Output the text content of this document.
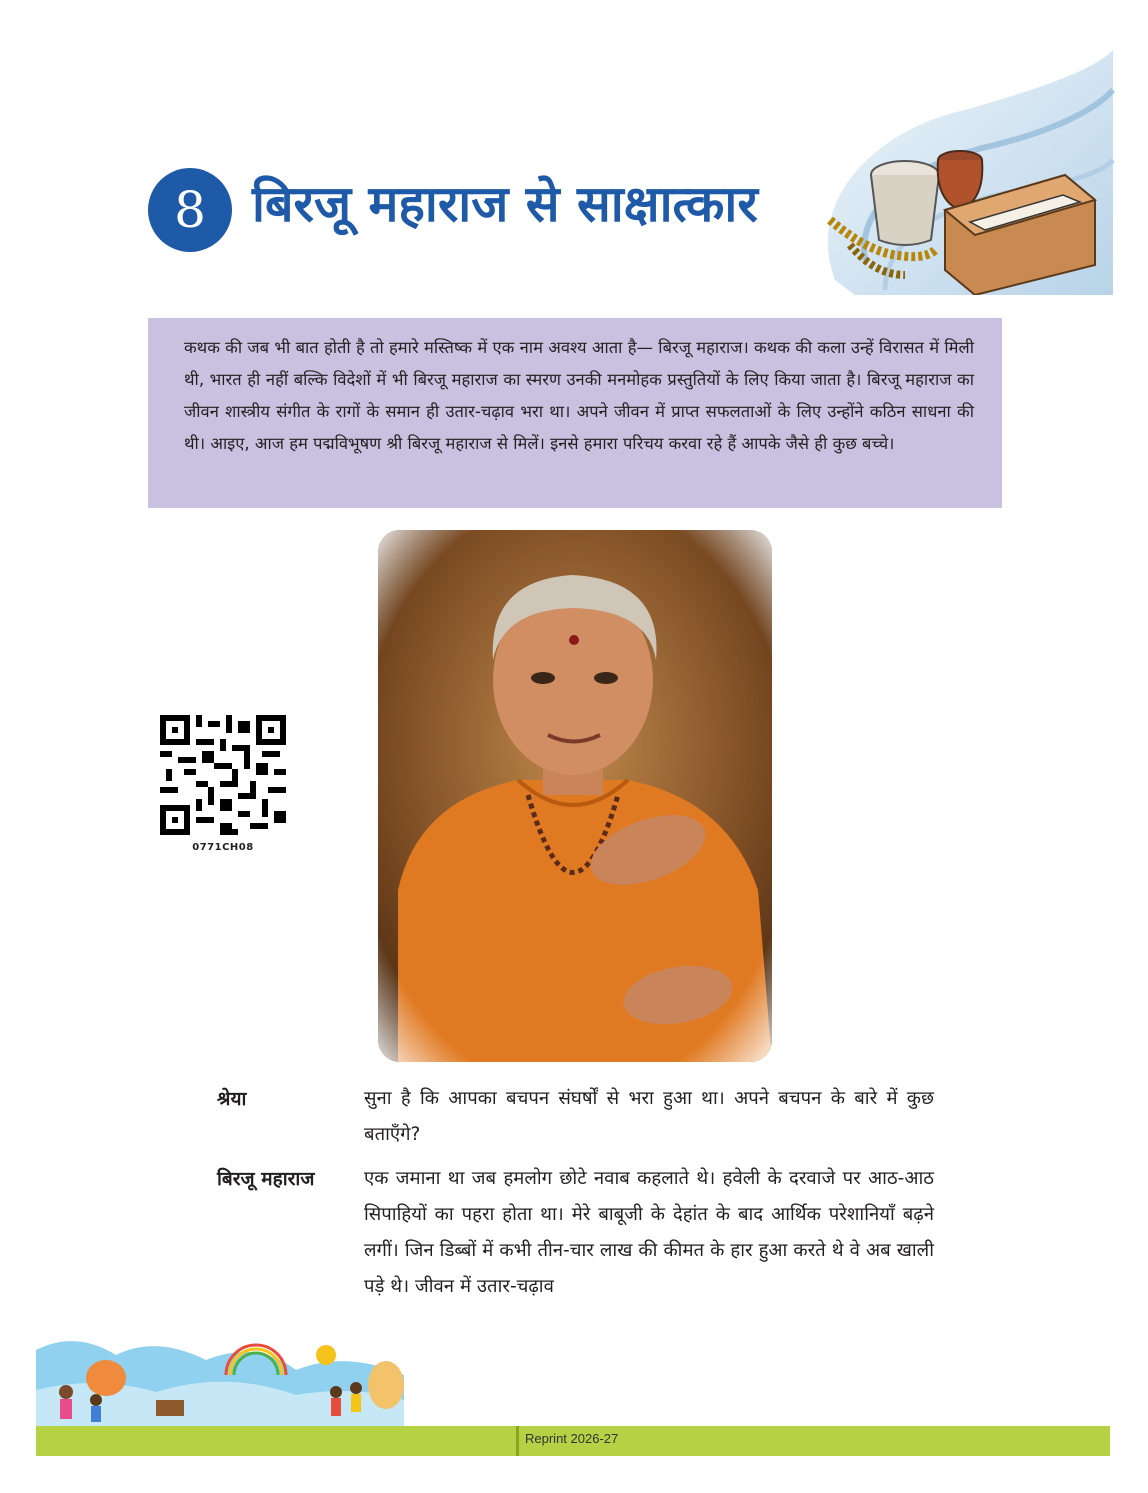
8 बिरजू महाराज से साक्षात्कार
कथक की जब भी बात होती है तो हमारे मस्तिष्क में एक नाम अवश्य आता है— बिरजू महाराज। कथक की कला उन्हें विरासत में मिली थी, भारत ही नहीं बल्कि विदेशों में भी बिरजू महाराज का स्मरण उनकी मनमोहक प्रस्तुतियों के लिए किया जाता है। बिरजू महाराज का जीवन शास्त्रीय संगीत के रागों के समान ही उतार-चढ़ाव भरा था। अपने जीवन में प्राप्त सफलताओं के लिए उन्होंने कठिन साधना की थी। आइए, आज हम पद्मविभूषण श्री बिरजू महाराज से मिलें। इनसे हमारा परिचय करवा रहे हैं आपके जैसे ही कुछ बच्चे।
0771CH08
श्रेया	सुना है कि आपका बचपन संघर्षों से भरा हुआ था। अपने बचपन के बारे में कुछ बताएँगे?
बिरजू महाराज	एक जमाना था जब हमलोग छोटे नवाब कहलाते थे। हवेली के दरवाजे पर आठ-आठ सिपाहियों का पहरा होता था। मेरे बाबूजी के देहांत के बाद आर्थिक परेशानियाँ बढ़ने लगीं। जिन डिब्बों में कभी तीन-चार लाख की कीमत के हार हुआ करते थे वे अब खाली पड़े थे। जीवन में उतार-चढ़ाव
Reprint 2026-27
